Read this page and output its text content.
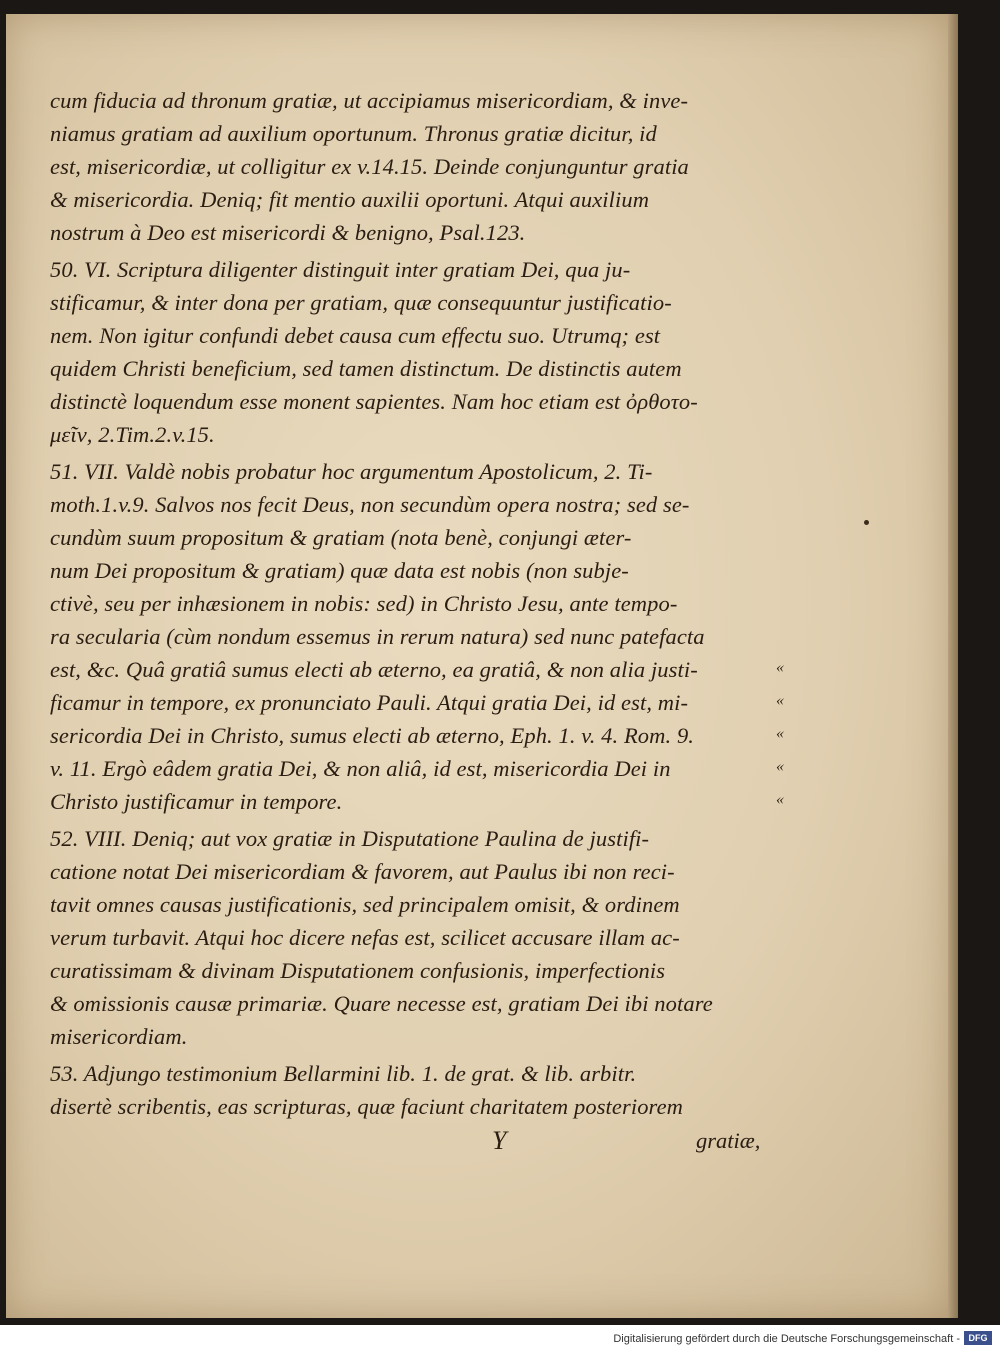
cum fiducia ad thronum gratiæ, ut accipiamus misericordiam, & inve-
niamus gratiam ad auxilium oportunum. Thronus gratiæ dicitur, id
est, misericordiæ, ut colligitur ex v.14.15. Deinde conjunguntur gratia
& misericordia. Deniq; fit mentio auxilii oportuni. Atqui auxilium
nostrum à Deo est misericordi & benigno, Psal.123.
50. VI. Scriptura diligenter distinguit inter gratiam Dei, qua ju-
stificamur, & inter dona per gratiam, quæ consequuntur justificatio-
nem. Non igitur confundi debet causa cum effectu suo. Utrumq; est
quidem Christi beneficium, sed tamen distinctum. De distinctis autem
distinctè loquendum esse monent sapientes. Nam hoc etiam est ὀρθοτο-
μεῖν, 2.Tim.2.v.15.
51. VII. Valdè nobis probatur hoc argumentum Apostolicum, 2. Ti-
moth.1.v.9. Salvos nos fecit Deus, non secundùm opera nostra; sed se-
cundùm suum propositum & gratiam (nota benè, conjungi æter-
num Dei propositum & gratiam) quæ data est nobis (non subje-
ctivè, seu per inhæsionem in nobis: sed) in Christo Jesu, ante tempo-
ra secularia (cùm nondum essemus in rerum natura) sed nunc patefacta
est, &c. Quâ gratiâ sumus electi ab æterno, ea gratiâ, & non alia justi-
ficamur in tempore, ex pronunciato Pauli. Atqui gratia Dei, id est, mi-
sericordia Dei in Christo, sumus electi ab æterno, Eph. 1. v. 4. Rom. 9.
v. 11. Ergò eâdem gratia Dei, & non aliâ, id est, misericordia Dei in
Christo justificamur in tempore.
52. VIII. Deniq; aut vox gratiæ in Disputatione Paulina de justifi-
catione notat Dei misericordiam & favorem, aut Paulus ibi non reci-
tavit omnes causas justificationis, sed principalem omisit, & ordinem
verum turbavit. Atqui hoc dicere nefas est, scilicet accusare illam ac-
curatissimam & divinam Disputationem confusionis, imperfectionis
& omissionis causæ primariæ. Quare necesse est, gratiam Dei ibi notare
misericordiam.
53. Adjungo testimonium Bellarmini lib. 1. de grat. & lib. arbitr.
disertè scribentis, eas scripturas, quæ faciunt charitatem posteriorem
«
«
«
«
«
Y	gratiæ,
Digitalisierung gefördert durch die Deutsche Forschungsgemeinschaft - DFG
